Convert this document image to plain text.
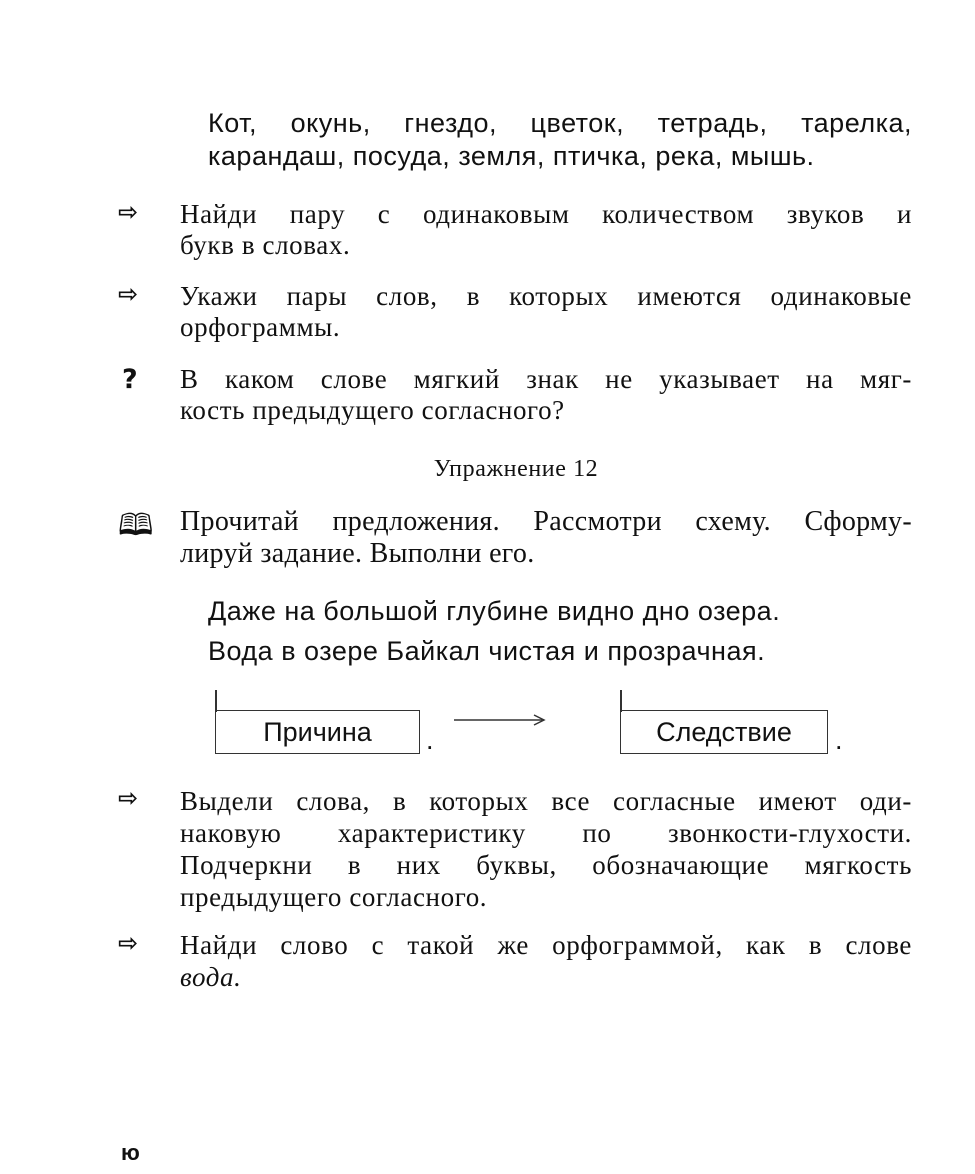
Кот, окунь, гнездо, цветок, тетрадь, тарелка,
карандаш, посуда, земля, птичка, река, мышь.
⇨ Найди пару с одинаковым количеством звуков и
букв в словах.
⇨ Укажи пары слов, в которых имеются одинаковые
орфограммы.
? В каком слове мягкий знак не указывает на мяг-
кость предыдущего согласного?
Упражнение 12
🕮 Прочитай предложения. Рассмотри схему. Сформу-
лируй задание. Выполни его.
Даже на большой глубине видно дно озера.
Вода в озере Байкал чистая и прозрачная.
Причина	.	Следствие	.
⇨ Выдели слова, в которых все согласные имеют оди-
наковую характеристику по звонкости-глухости.
Подчеркни в них буквы, обозначающие мягкость
предыдущего согласного.
⇨ Найди слово с такой же орфограммой, как в слове
вода.
ю
